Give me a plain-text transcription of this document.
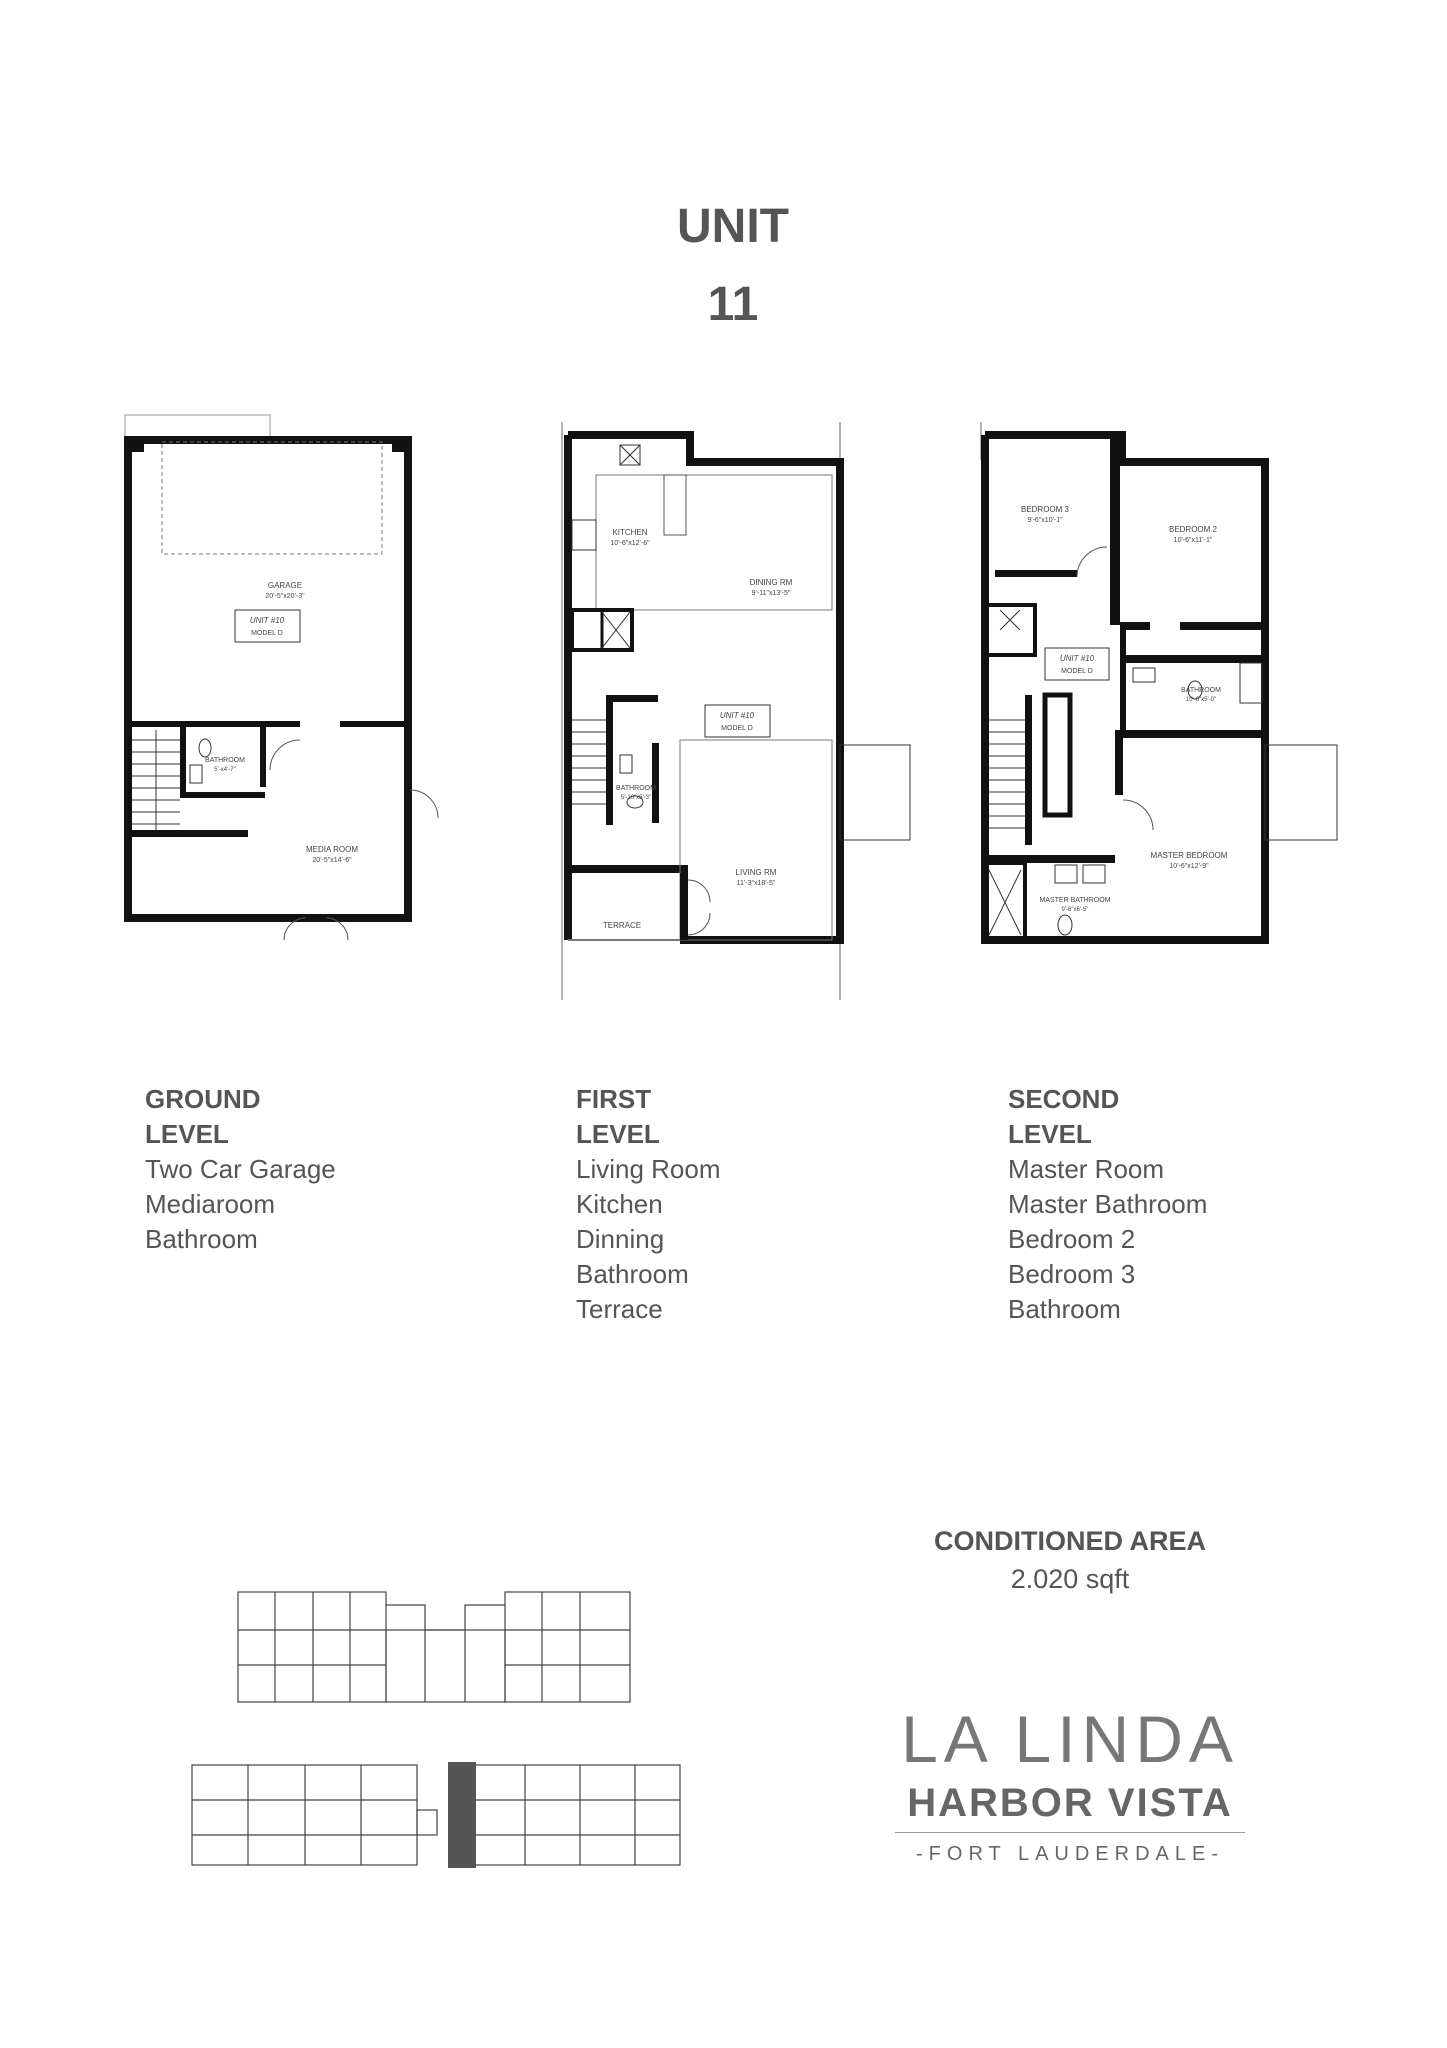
UNIT
11
UNIT #10
MODEL D
GARAGE
20'-5"x20'-3"
BATHROOM
5'-x4'-7"
MEDIA ROOM
20'-5"x14'-6"
UNIT #10
MODEL D
KITCHEN
10'-6"x12'-6"
DINING RM
9'-11"x13'-5"
BATHROOM
5'-10"x5'-3"
LIVING RM
11'-3"x18'-5"
TERRACE
UNIT #10
MODEL D
BEDROOM 3
9'-6"x10'-1"
BEDROOM 2
10'-6"x11'-1"
BATHROOM
10'-6"x5'-0"
MASTER BEDROOM
10'-6"x12'-9"
MASTER BATHROOM
9'-6"x6'-5"
GROUND
LEVEL
Two Car Garage
Mediaroom
Bathroom
FIRST
LEVEL
Living Room
Kitchen
Dinning
Bathroom
Terrace
SECOND
LEVEL
Master Room
Master Bathroom
Bedroom 2
Bedroom 3
Bathroom
CONDITIONED AREA
2.020 sqft
LA LINDA
HARBOR VISTA
-FORT LAUDERDALE-
